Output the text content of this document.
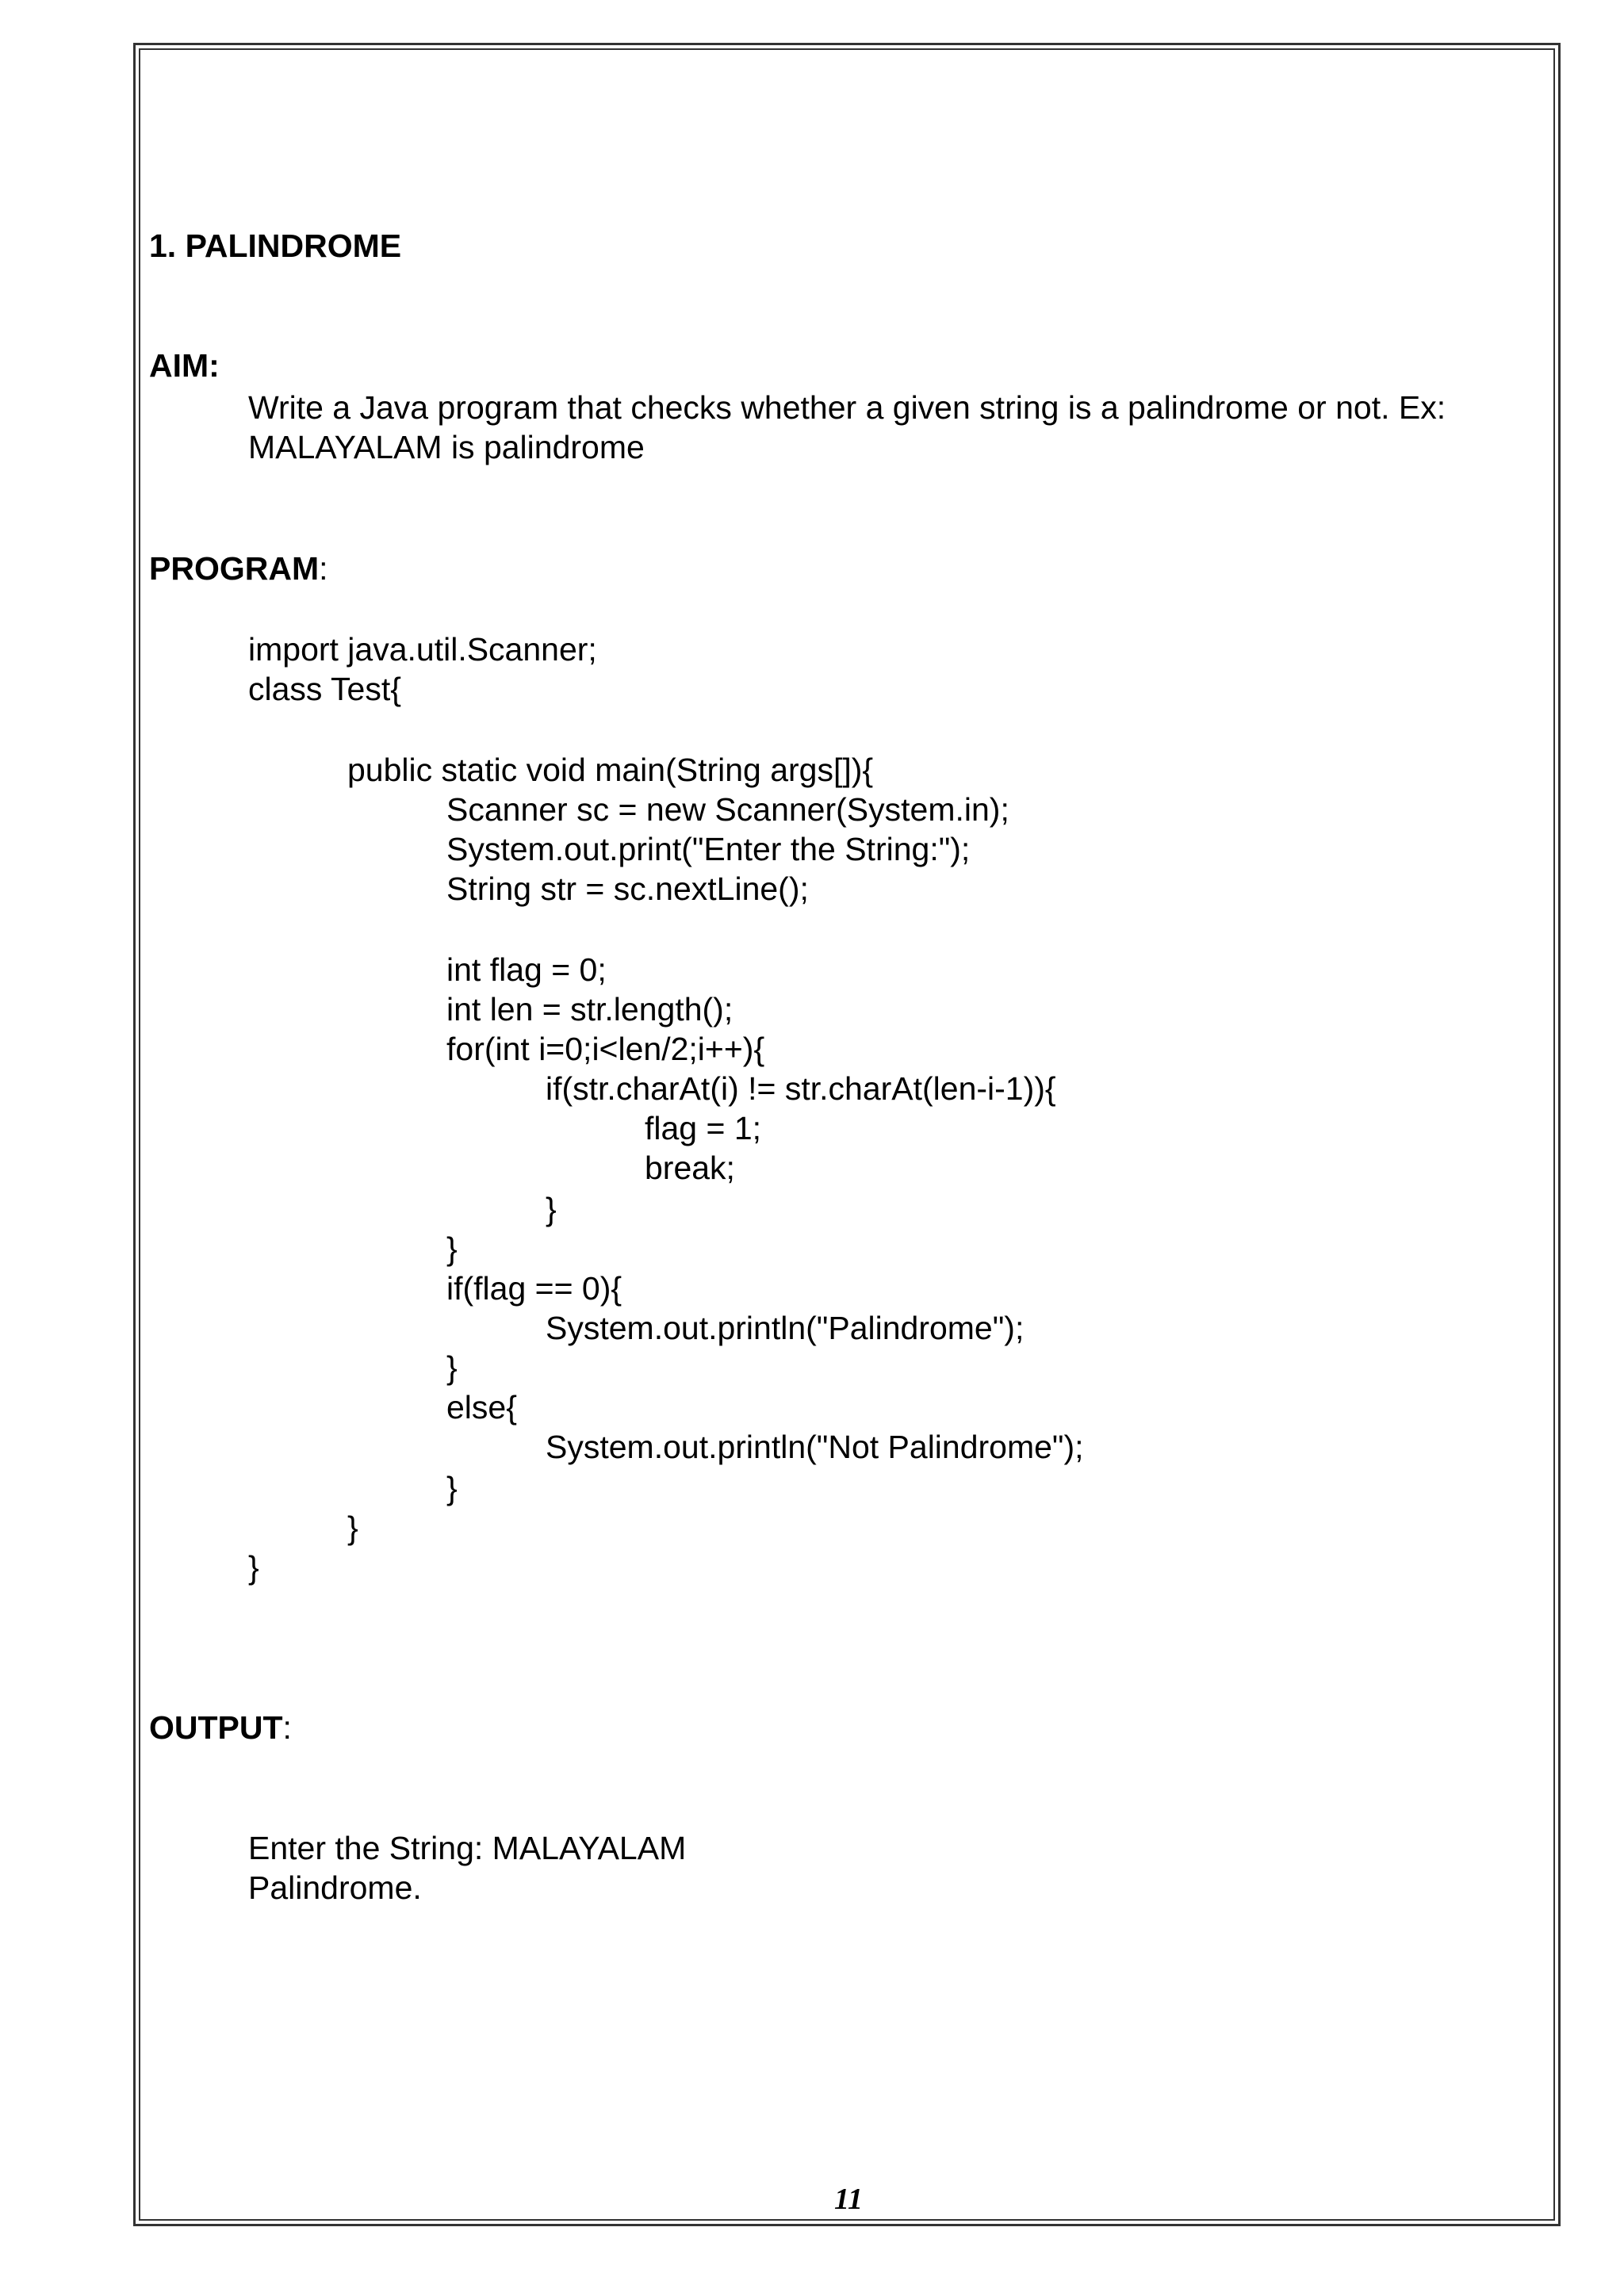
1. PALINDROME
AIM:
Write a Java program that checks whether a given string is a palindrome or not. Ex:
MALAYALAM is palindrome
PROGRAM:
import java.util.Scanner;
class Test{
public static void main(String args[]){
Scanner sc = new Scanner(System.in);
System.out.print("Enter the String:");
String str = sc.nextLine();
int flag = 0;
int len = str.length();
for(int i=0;i<len/2;i++){
if(str.charAt(i) != str.charAt(len-i-1)){
flag = 1;
break;
}
}
if(flag == 0){
System.out.println("Palindrome");
}
else{
System.out.println("Not Palindrome");
}
}
}
OUTPUT:
Enter the String: MALAYALAM
Palindrome.
11
